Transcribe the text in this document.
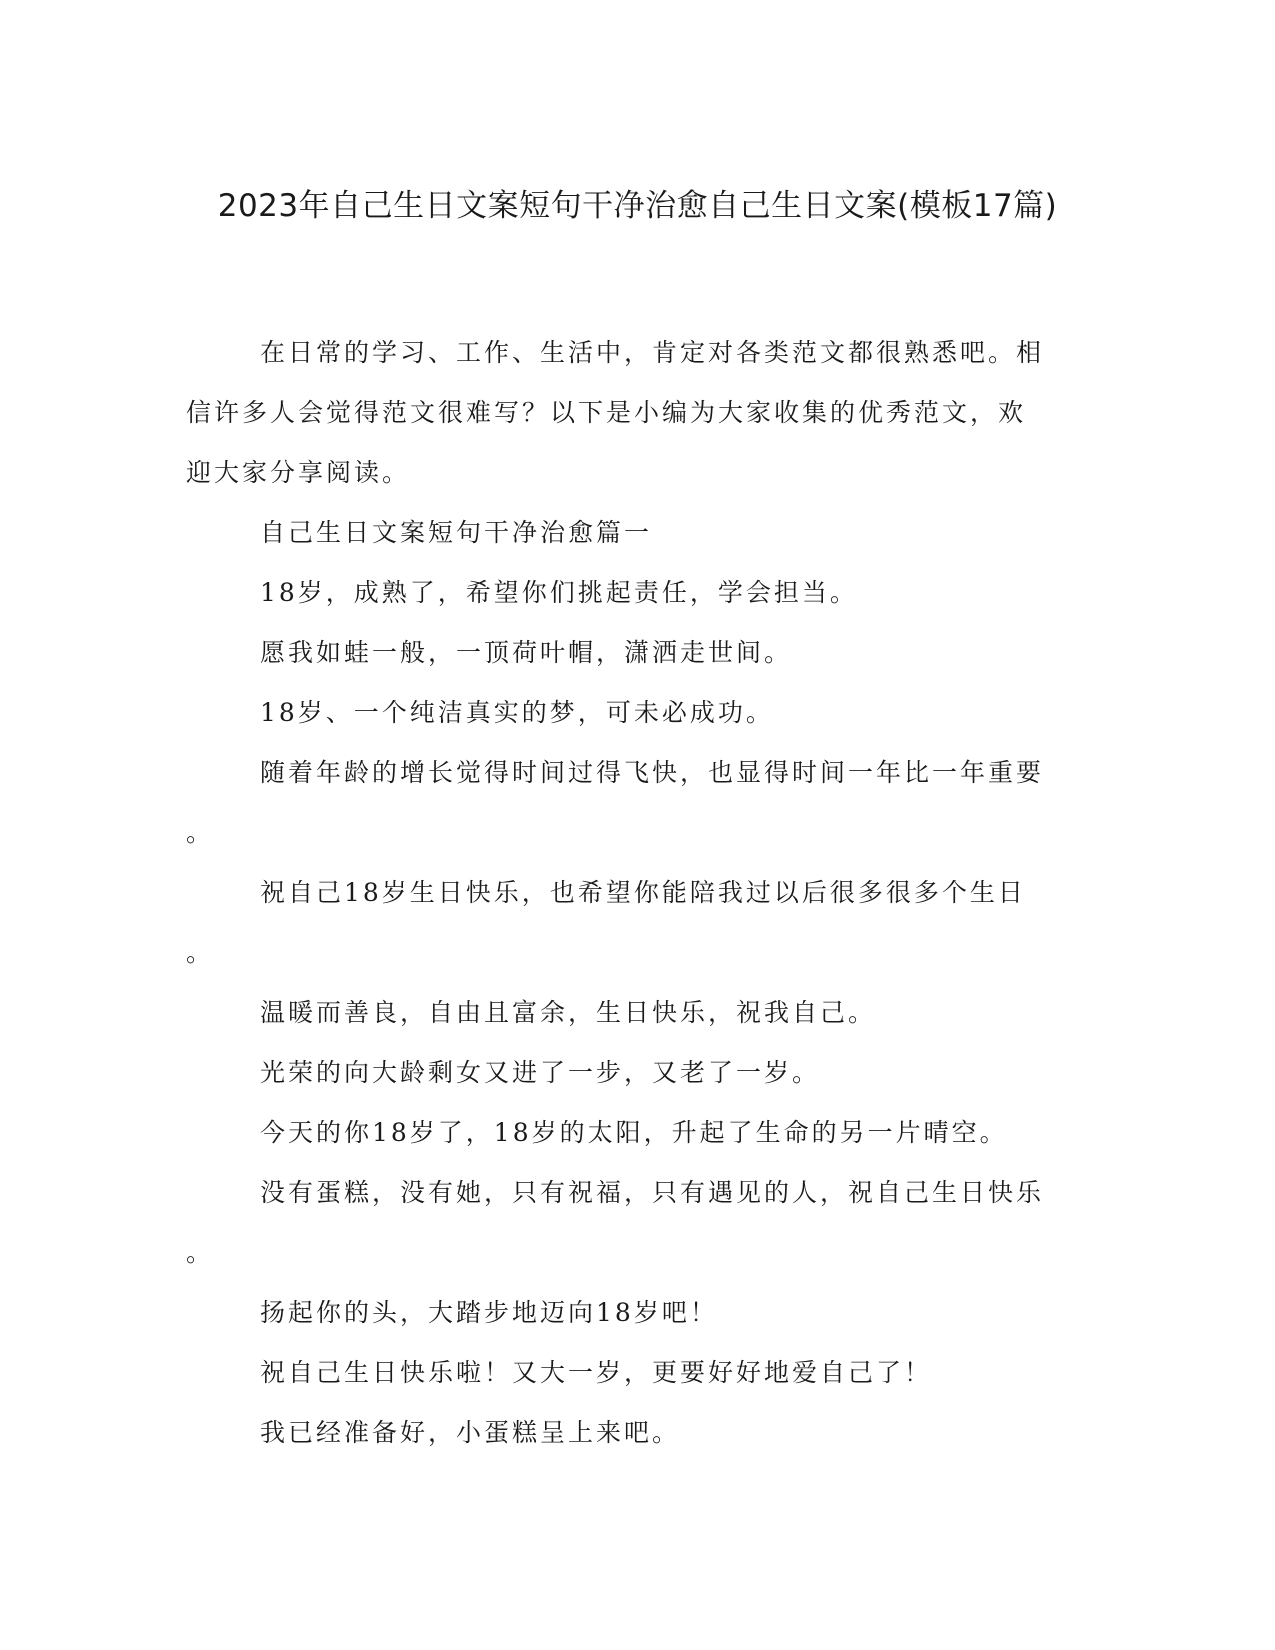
2023年自己生日文案短句干净治愈自己生日文案(模板17篇)
在日常的学习、工作、生活中，肯定对各类范文都很熟悉吧。相
信许多人会觉得范文很难写？以下是小编为大家收集的优秀范文，欢
迎大家分享阅读。
自己生日文案短句干净治愈篇一
18岁，成熟了，希望你们挑起责任，学会担当。
愿我如蛙一般，一顶荷叶帽，潇洒走世间。
18岁、一个纯洁真实的梦，可未必成功。
随着年龄的增长觉得时间过得飞快，也显得时间一年比一年重要
。
祝自己18岁生日快乐，也希望你能陪我过以后很多很多个生日
。
温暖而善良，自由且富余，生日快乐，祝我自己。
光荣的向大龄剩女又进了一步，又老了一岁。
今天的你18岁了，18岁的太阳，升起了生命的另一片晴空。
没有蛋糕，没有她，只有祝福，只有遇见的人，祝自己生日快乐
。
扬起你的头，大踏步地迈向18岁吧！
祝自己生日快乐啦！又大一岁，更要好好地爱自己了！
我已经准备好，小蛋糕呈上来吧。
